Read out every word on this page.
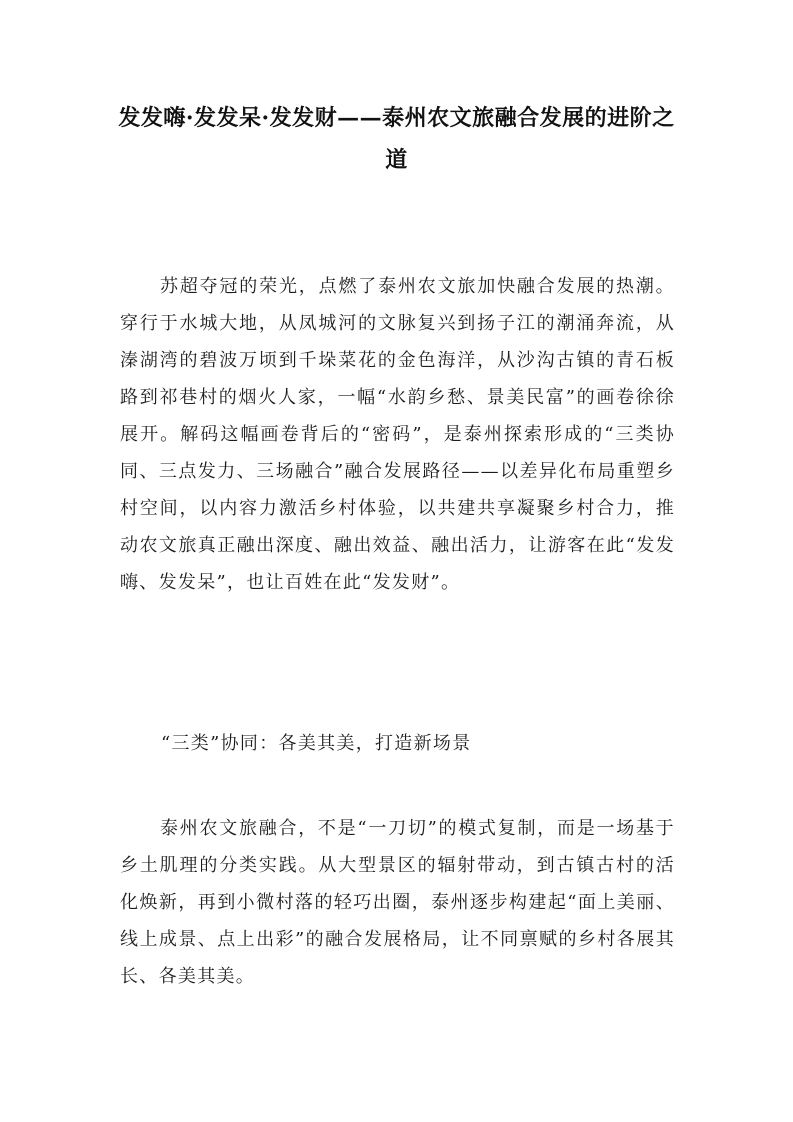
发发嗨·发发呆·发发财——泰州农文旅融合发展的进阶之道

苏超夺冠的荣光，点燃了泰州农文旅加快融合发展的热潮。穿行于水城大地，从凤城河的文脉复兴到扬子江的潮涌奔流，从溱湖湾的碧波万顷到千垛菜花的金色海洋，从沙沟古镇的青石板路到祁巷村的烟火人家，一幅“水韵乡愁、景美民富”的画卷徐徐展开。解码这幅画卷背后的“密码”，是泰州探索形成的“三类协同、三点发力、三场融合”融合发展路径——以差异化布局重塑乡村空间，以内容力激活乡村体验，以共建共享凝聚乡村合力，推动农文旅真正融出深度、融出效益、融出活力，让游客在此“发发嗨、发发呆”，也让百姓在此“发发财”。

“三类”协同：各美其美，打造新场景

泰州农文旅融合，不是“一刀切”的模式复制，而是一场基于乡土肌理的分类实践。从大型景区的辐射带动，到古镇古村的活化焕新，再到小微村落的轻巧出圈，泰州逐步构建起“面上美丽、线上成景、点上出彩”的融合发展格局，让不同禀赋的乡村各展其长、各美其美。
